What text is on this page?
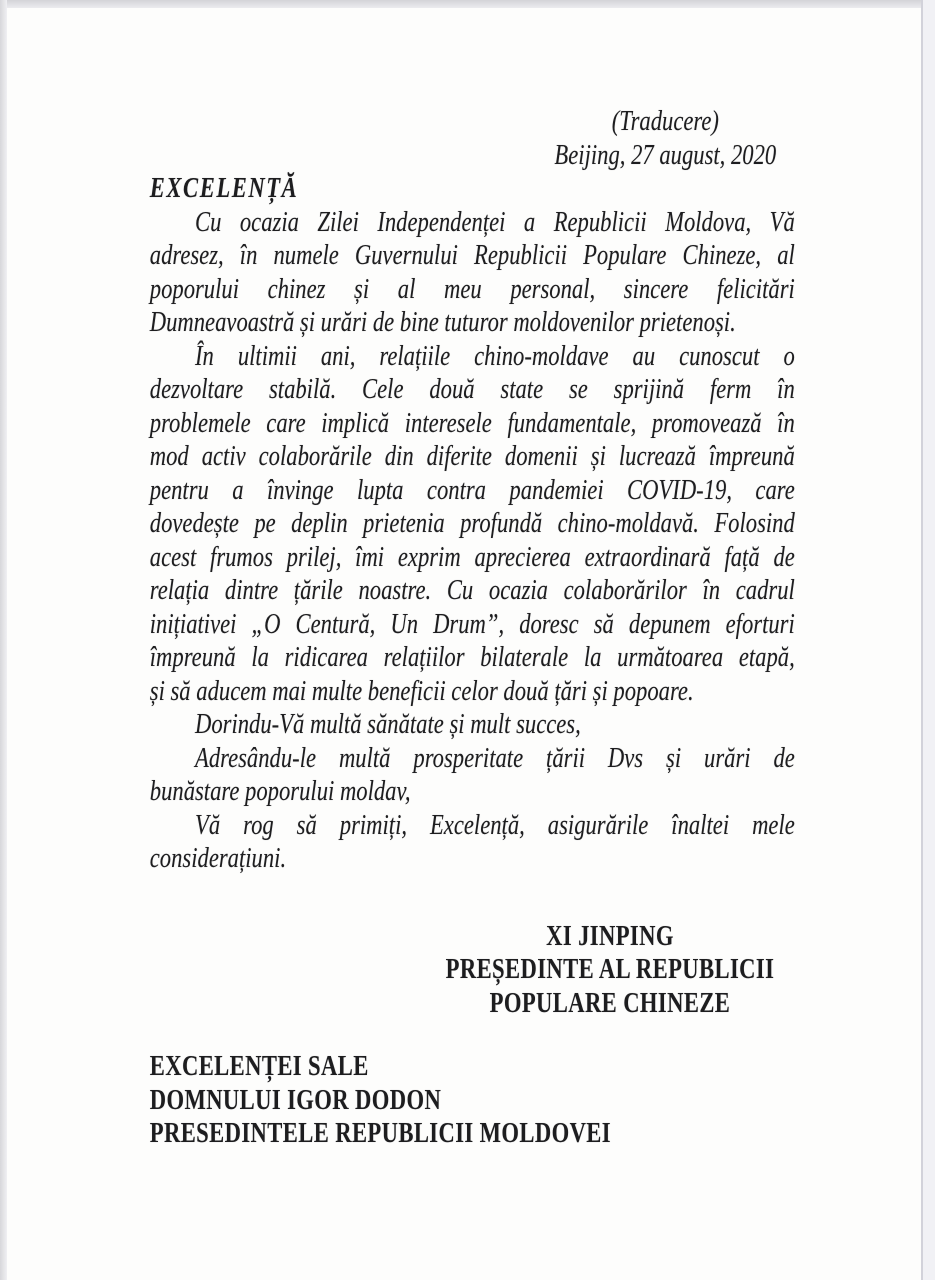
(Traducere)
Beijing, 27 august, 2020
EXCELENȚĂ
Cu ocazia Zilei Independenței a Republicii Moldova, Vă
adresez, în numele Guvernului Republicii Populare Chineze, al
poporului chinez și al meu personal, sincere felicitări
Dumneavoastră și urări de bine tuturor moldovenilor prietenoși.
În ultimii ani, relațiile chino-moldave au cunoscut o
dezvoltare stabilă. Cele două state se sprijină ferm în
problemele care implică interesele fundamentale, promovează în
mod activ colaborările din diferite domenii și lucrează împreună
pentru a învinge lupta contra pandemiei COVID-19, care
dovedește pe deplin prietenia profundă chino-moldavă. Folosind
acest frumos prilej, îmi exprim aprecierea extraordinară față de
relația dintre țările noastre. Cu ocazia colaborărilor în cadrul
inițiativei „O Centură, Un Drum”, doresc să depunem eforturi
împreună la ridicarea relațiilor bilaterale la următoarea etapă,
și să aducem mai multe beneficii celor două țări și popoare.
Dorindu-Vă multă sănătate și mult succes,
Adresându-le multă prosperitate țării Dvs și urări de
bunăstare poporului moldav,
Vă rog să primiți, Excelență, asigurările înaltei mele
considerațiuni.
XI JINPING
PREȘEDINTE AL REPUBLICII
POPULARE CHINEZE
EXCELENȚEI SALE
DOMNULUI IGOR DODON
PRESEDINTELE REPUBLICII MOLDOVEI
